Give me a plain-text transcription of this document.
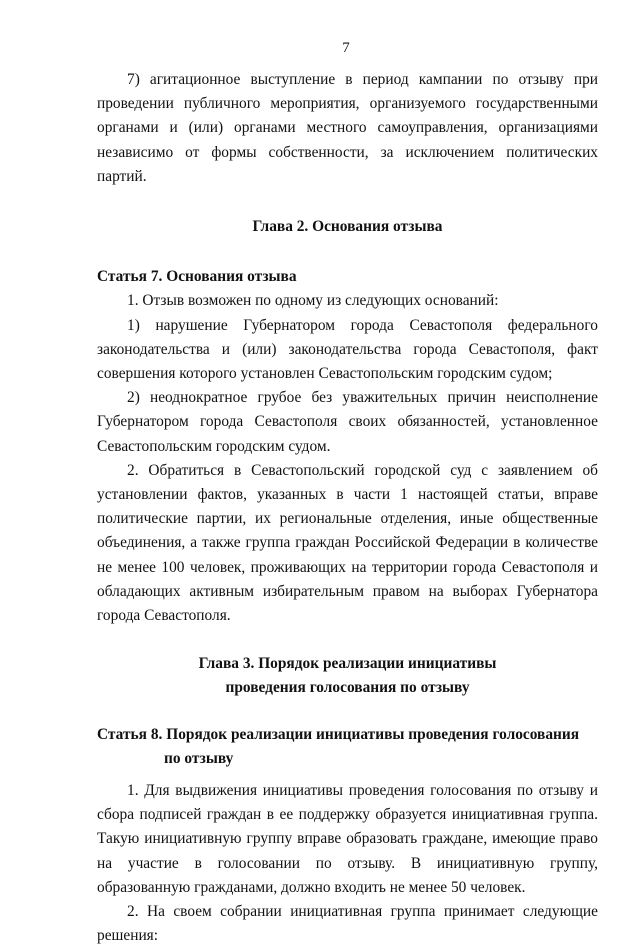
7

7) агитационное выступление в период кампании по отзыву при проведении публичного мероприятия, организуемого государственными органами и (или) органами местного самоуправления, организациями независимо от формы собственности, за исключением политических партий.

Глава 2. Основания отзыва

Статья 7. Основания отзыва

1. Отзыв возможен по одному из следующих оснований:

1) нарушение Губернатором города Севастополя федерального законодательства и (или) законодательства города Севастополя, факт совершения которого установлен Севастопольским городским судом;

2) неоднократное грубое без уважительных причин неисполнение Губернатором города Севастополя своих обязанностей, установленное Севастопольским городским судом.

2. Обратиться в Севастопольский городской суд с заявлением об установлении фактов, указанных в части 1 настоящей статьи, вправе политические партии, их региональные отделения, иные общественные объединения, а также группа граждан Российской Федерации в количестве не менее 100 человек, проживающих на территории города Севастополя и обладающих активным избирательным правом на выборах Губернатора города Севастополя.

Глава 3. Порядок реализации инициативы
проведения голосования по отзыву
Статья 8. Порядок реализации инициативы проведения голосования
по отзыву

1. Для выдвижения инициативы проведения голосования по отзыву и сбора подписей граждан в ее поддержку образуется инициативная группа. Такую инициативную группу вправе образовать граждане, имеющие право на участие в голосовании по отзыву. В инициативную группу, образованную гражданами, должно входить не менее 50 человек.

2. На своем собрании инициативная группа принимает следующие решения:
